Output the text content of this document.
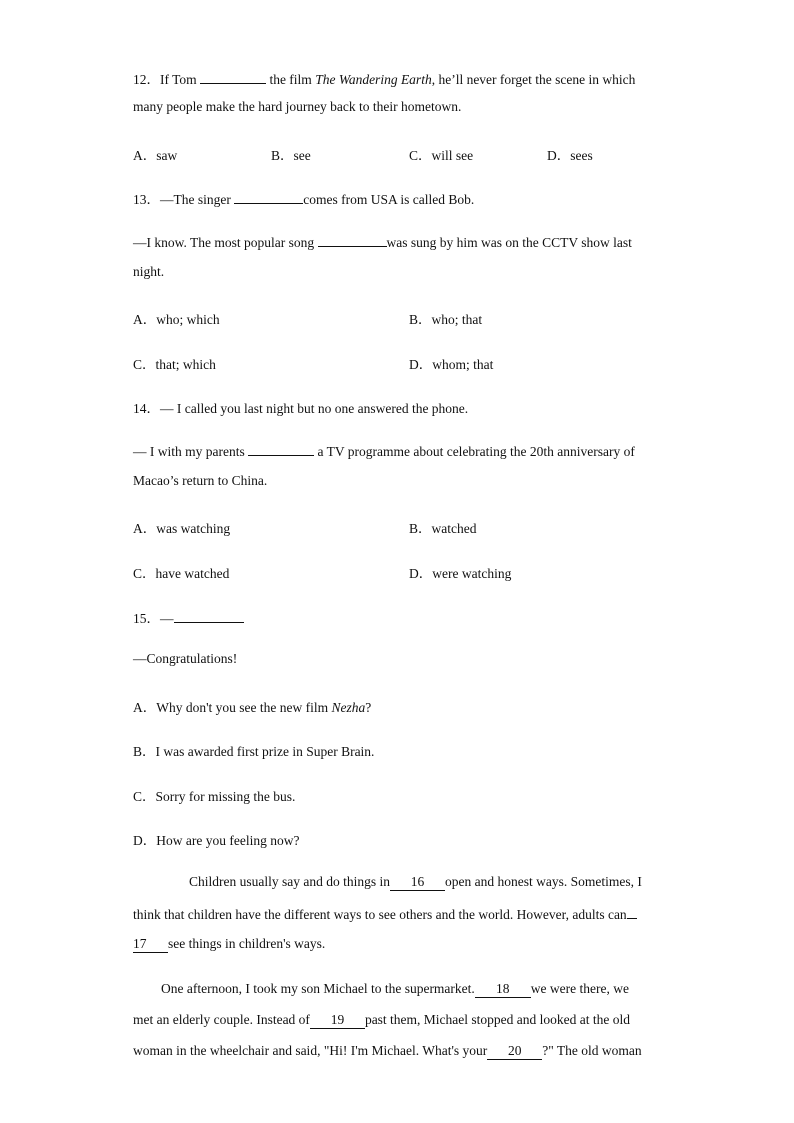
12．If Tom	the film The Wandering Earth, he’ll never forget the scene in which
many people make the hard journey back to their hometown.
A．saw	B．see	C．will see	D．sees
13．—The singer	comes from USA is called Bob.
—I know. The most popular song	was sung by him was on the CCTV show last
night.
A．who; which	B．who; that
C．that; which	D．whom; that
14．— I called you last night but no one answered the phone.
— I with my parents	a TV programme about celebrating the 20th anniversary of
Macao’s return to China.
A．was watching	B．watched
C．have watched	D．were watching
15．—
—Congratulations!
A．Why don't you see the new film Nezha?
B．I was awarded first prize in Super Brain.
C．Sorry for missing the bus.
D．How are you feeling now?
Children usually say and do things in 16 open and honest ways. Sometimes, I
think that children have the different ways to see others and the world. However, adults can
17 see things in children's ways.
One afternoon, I took my son Michael to the supermarket. 18 we were there, we
met an elderly couple. Instead of 19 past them, Michael stopped and looked at the old
woman in the wheelchair and said, "Hi! I'm Michael. What's your 20 ?" The old woman
